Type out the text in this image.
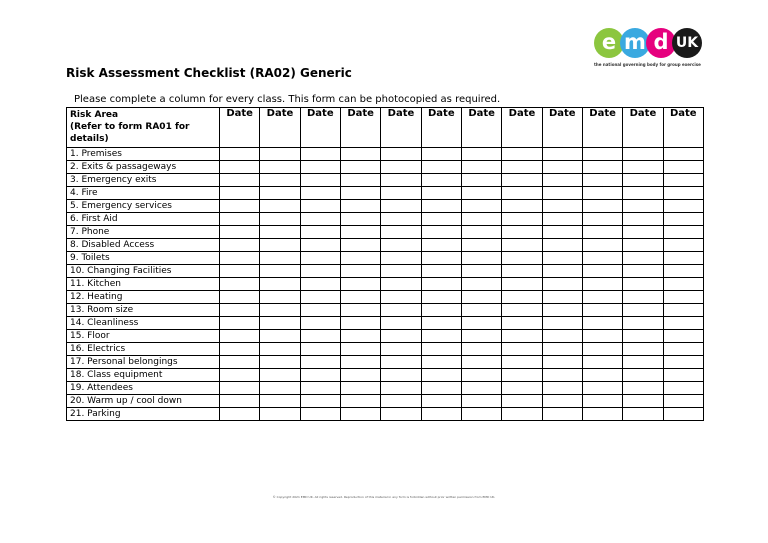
e m d UK
the national governing body for group exercise
Risk Assessment Checklist (RA02) Generic
Please complete a column for every class. This form can be photocopied as required.
Risk Area
(Refer to form RA01 for details)	Date	Date	Date	Date	Date	Date	Date	Date	Date	Date	Date	Date
1. Premises												
2. Exits & passageways												
3. Emergency exits												
4. Fire												
5. Emergency services												
6. First Aid												
7. Phone												
8. Disabled Access												
9. Toilets												
10. Changing Facilities												
11. Kitchen												
12. Heating												
13. Room size												
14. Cleanliness												
15. Floor												
16. Electrics												
17. Personal belongings												
18. Class equipment												
19. Attendees												
20. Warm up / cool down												
21. Parking												
© Copyright 2021 EMD UK. All rights reserved. Reproduction of this material in any form is forbidden without prior written permission from EMD UK.
